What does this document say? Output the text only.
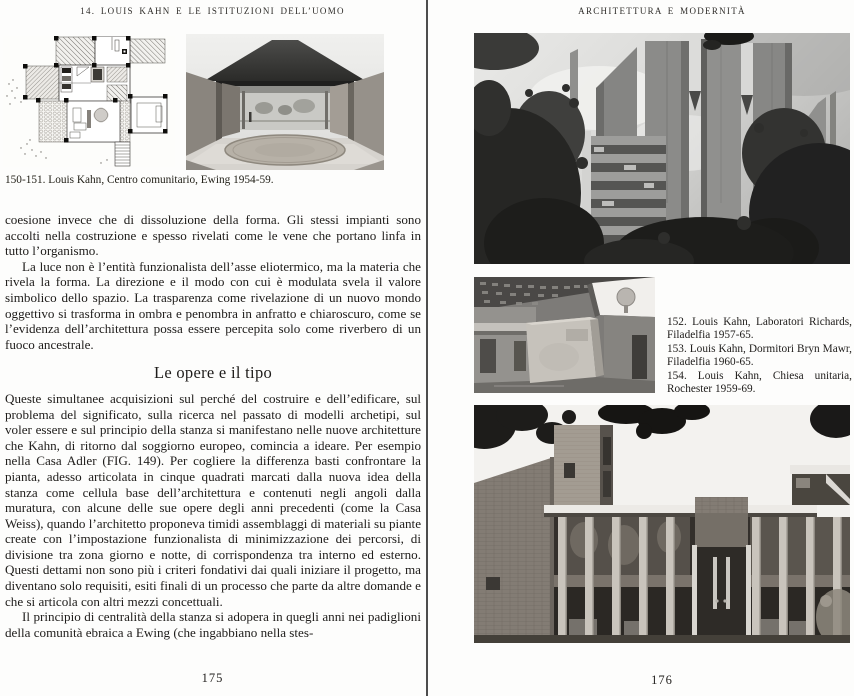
14. LOUIS KAHN E LE ISTITUZIONI DELL’UOMO
150-151. Louis Kahn, Centro comunitario, Ewing 1954-59.

coesione invece che di dissoluzione della forma. Gli stessi impianti sono accolti nella costruzione e spesso rivelati come le vene che portano linfa in tutto l’organismo.

La luce non è l’entità funzionalista dell’asse eliotermico, ma la materia che rivela la forma. La direzione e il modo con cui è modulata svela il valore simbolico dello spazio. La trasparenza come rivelazione di un nuovo mondo oggettivo si trasforma in ombra e penombra in anfratto e chiaroscuro, come se l’evidenza dell’architettura possa essere percepita solo come riverbero di un fuoco ancestrale.

Le opere e il tipo

Queste simultanee acquisizioni sul perché del costruire e dell’edificare, sul problema del significato, sulla ricerca nel passato di modelli archetipi, sul voler essere e sul principio della stanza si manifestano nelle nuove architetture che Kahn, di ritorno dal soggiorno europeo, comincia a ideare. Per esempio nella Casa Adler (FIG. 149). Per cogliere la differenza basti confrontare la pianta, adesso articolata in cinque quadrati marcati dalla nuova idea della stanza come cellula base dell’architettura e contenuti negli angoli dalla muratura, con alcune delle sue opere degli anni precedenti (come la Casa Weiss), quando l’architetto proponeva timidi assemblaggi di materiali su piante create con l’impostazione funzionalista di minimizzazione dei percorsi, di divisione tra zona giorno e notte, di corrispondenza tra interno ed esterno. Questi dettami non sono più i criteri fondativi dai quali iniziare il progetto, ma diventano solo requisiti, esiti finali di un processo che parte da altre domande e che si articola con altri mezzi concettuali.

Il principio di centralità della stanza si adopera in quegli anni nei padiglioni della comunità ebraica a Ewing (che ingabbiano nella stes-

175
ARCHITETTURA E MODERNITÀ

152. Louis Kahn, Laboratori Richards, Filadelfia 1957-65.

153. Louis Kahn, Dormitori Bryn Mawr, Filadelfia 1960-65.

154. Louis Kahn, Chiesa unitaria, Rochester 1959-69.

176
